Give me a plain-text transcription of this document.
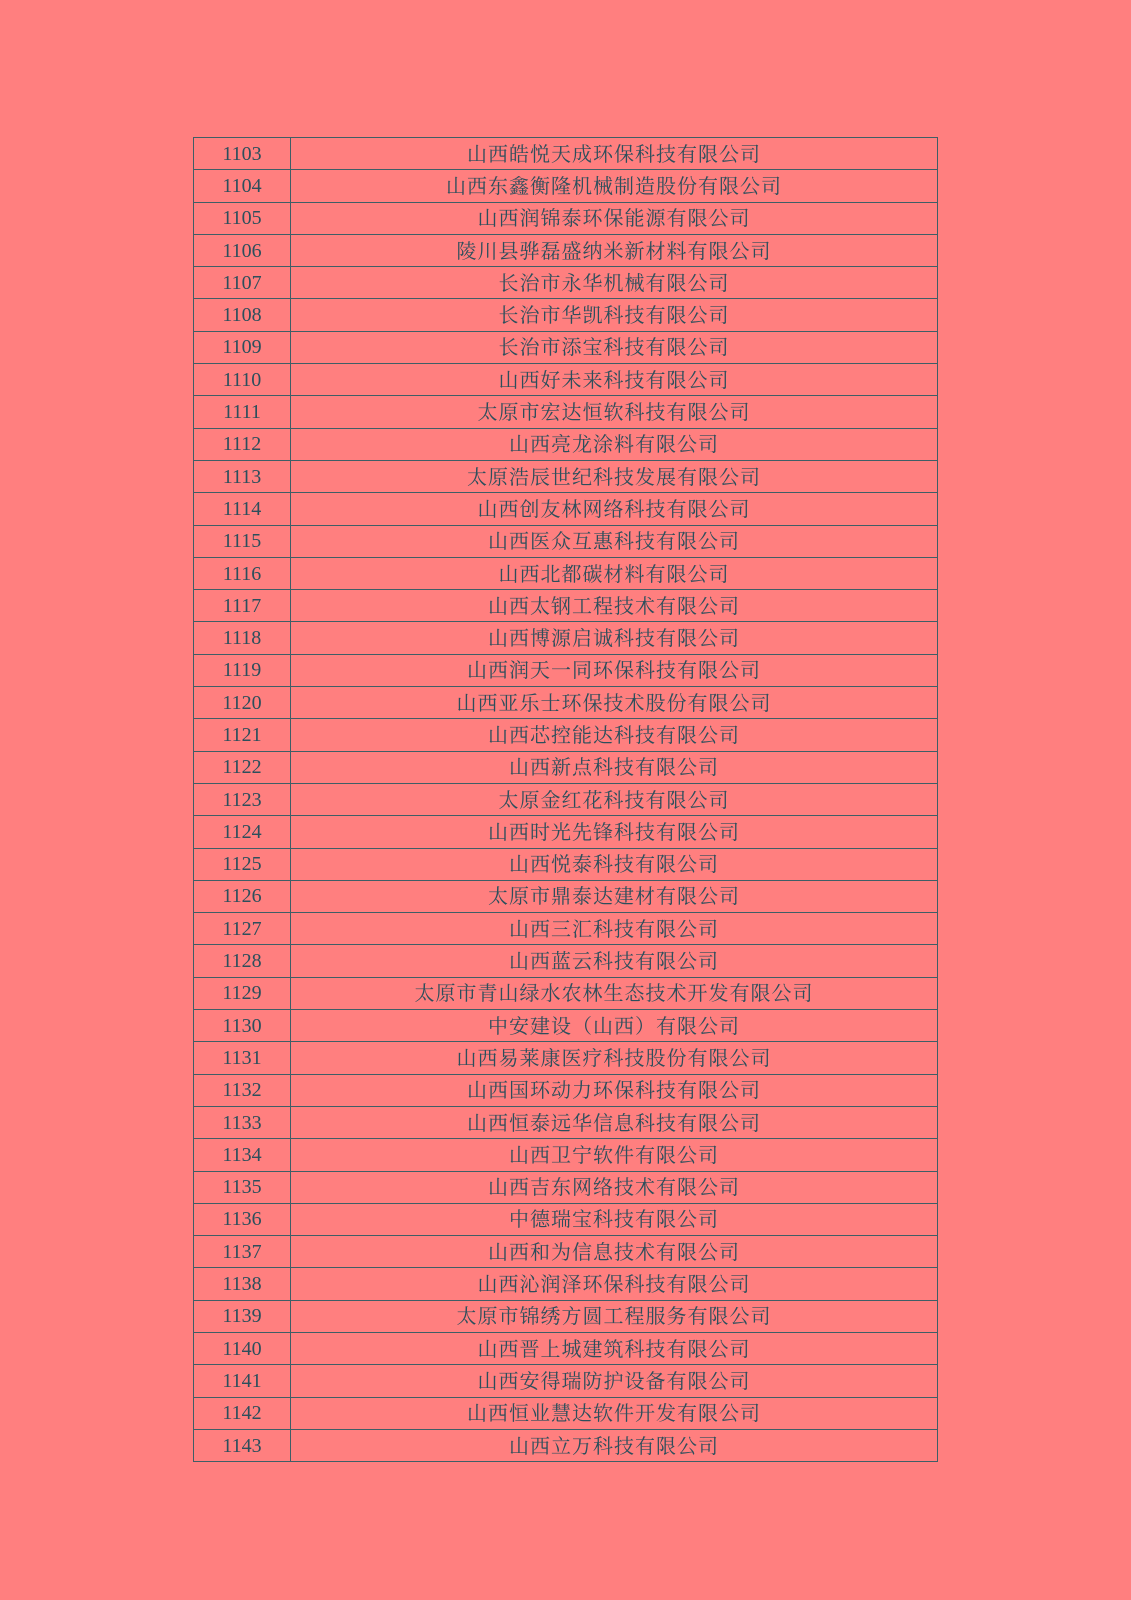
1103	山西皓悦天成环保科技有限公司
1104	山西东鑫衡隆机械制造股份有限公司
1105	山西润锦泰环保能源有限公司
1106	陵川县骅磊盛纳米新材料有限公司
1107	长治市永华机械有限公司
1108	长治市华凯科技有限公司
1109	长治市添宝科技有限公司
1110	山西好未来科技有限公司
1111	太原市宏达恒软科技有限公司
1112	山西亮龙涂料有限公司
1113	太原浩辰世纪科技发展有限公司
1114	山西创友林网络科技有限公司
1115	山西医众互惠科技有限公司
1116	山西北都碳材料有限公司
1117	山西太钢工程技术有限公司
1118	山西博源启诚科技有限公司
1119	山西润天一同环保科技有限公司
1120	山西亚乐士环保技术股份有限公司
1121	山西芯控能达科技有限公司
1122	山西新点科技有限公司
1123	太原金红花科技有限公司
1124	山西时光先锋科技有限公司
1125	山西悦泰科技有限公司
1126	太原市鼎泰达建材有限公司
1127	山西三汇科技有限公司
1128	山西蓝云科技有限公司
1129	太原市青山绿水农林生态技术开发有限公司
1130	中安建设（山西）有限公司
1131	山西易莱康医疗科技股份有限公司
1132	山西国环动力环保科技有限公司
1133	山西恒泰远华信息科技有限公司
1134	山西卫宁软件有限公司
1135	山西吉东网络技术有限公司
1136	中德瑞宝科技有限公司
1137	山西和为信息技术有限公司
1138	山西沁润泽环保科技有限公司
1139	太原市锦绣方圆工程服务有限公司
1140	山西晋上城建筑科技有限公司
1141	山西安得瑞防护设备有限公司
1142	山西恒业慧达软件开发有限公司
1143	山西立万科技有限公司
